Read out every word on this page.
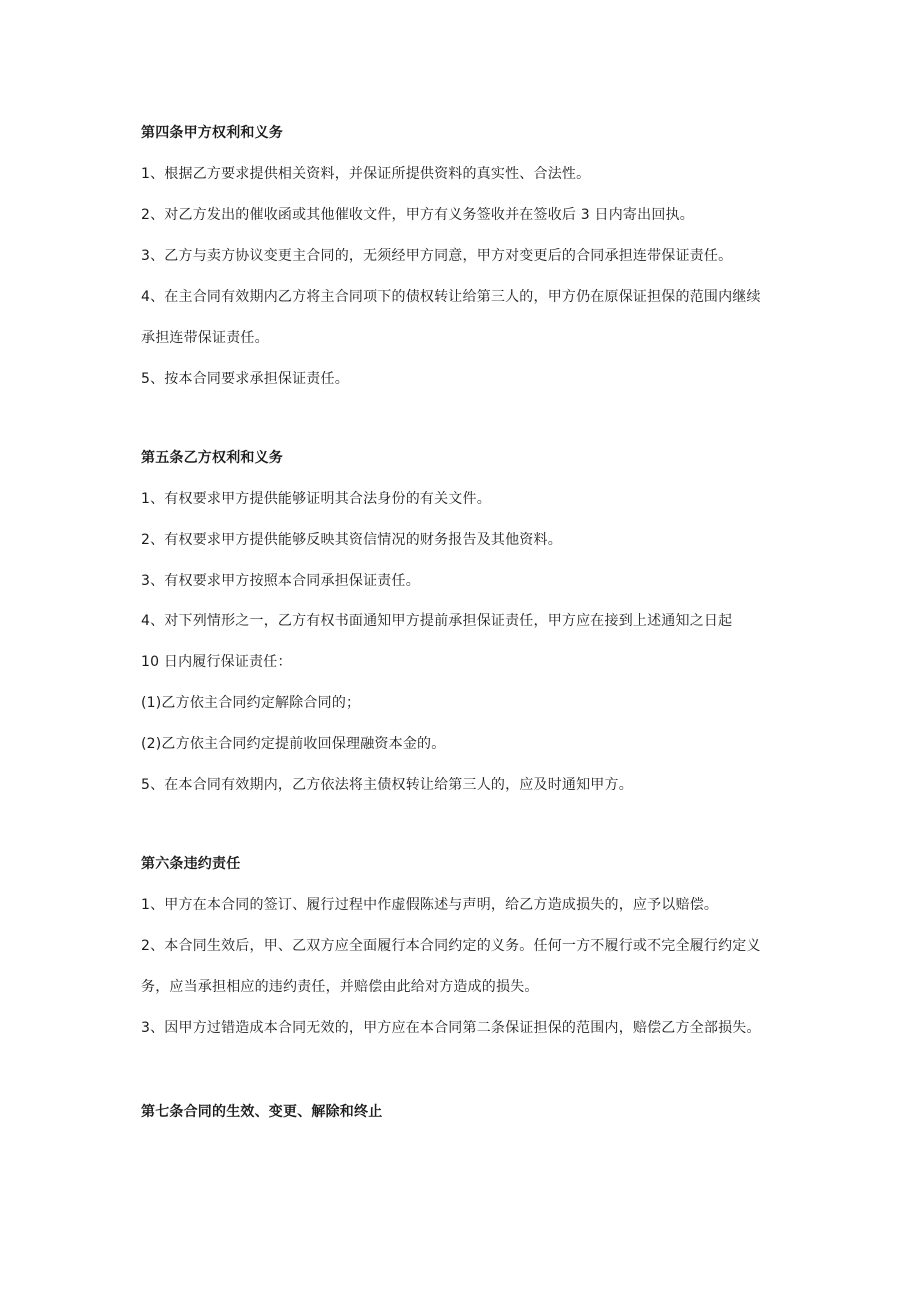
第四条甲方权利和义务
1、根据乙方要求提供相关资料，并保证所提供资料的真实性、合法性。
2、对乙方发出的催收函或其他催收文件，甲方有义务签收并在签收后 3 日内寄出回执。
3、乙方与卖方协议变更主合同的，无须经甲方同意，甲方对变更后的合同承担连带保证责任。
4、在主合同有效期内乙方将主合同项下的债权转让给第三人的，甲方仍在原保证担保的范围内继续
承担连带保证责任。
5、按本合同要求承担保证责任。
第五条乙方权利和义务
1、有权要求甲方提供能够证明其合法身份的有关文件。
2、有权要求甲方提供能够反映其资信情况的财务报告及其他资料。
3、有权要求甲方按照本合同承担保证责任。
4、对下列情形之一，乙方有权书面通知甲方提前承担保证责任，甲方应在接到上述通知之日起
10 日内履行保证责任：
(1)乙方依主合同约定解除合同的；
(2)乙方依主合同约定提前收回保理融资本金的。
5、在本合同有效期内，乙方依法将主债权转让给第三人的，应及时通知甲方。
第六条违约责任
1、甲方在本合同的签订、履行过程中作虚假陈述与声明，给乙方造成损失的，应予以赔偿。
2、本合同生效后，甲、乙双方应全面履行本合同约定的义务。任何一方不履行或不完全履行约定义
务，应当承担相应的违约责任，并赔偿由此给对方造成的损失。
3、因甲方过错造成本合同无效的，甲方应在本合同第二条保证担保的范围内，赔偿乙方全部损失。
第七条合同的生效、变更、解除和终止
